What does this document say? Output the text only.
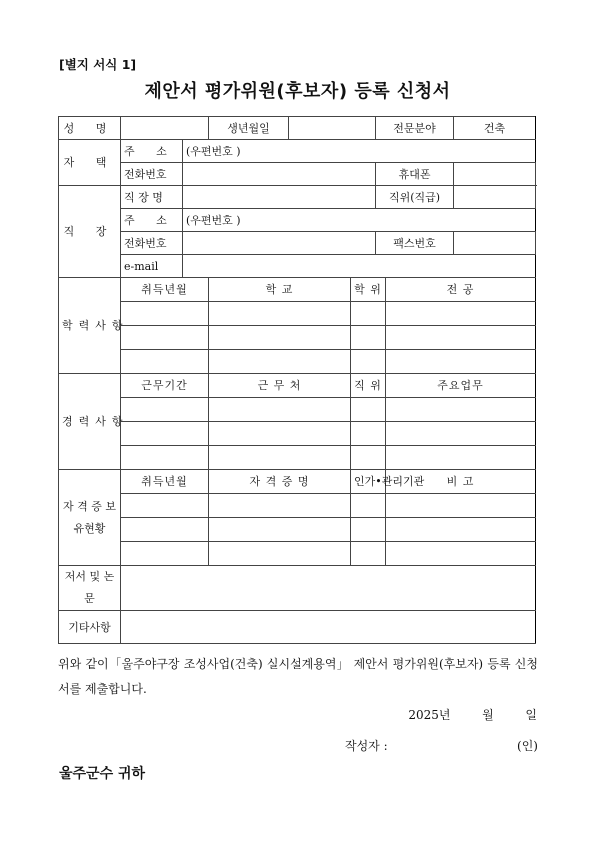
[별지 서식 1]
제안서 평가위원(후보자) 등록 신청서
성 명			생년월일			전문분야		건축
자 택	주 소	(우편번호 )						
	전화번호					휴대폰		
직 장	직 장 명					직위(직급)		
	주 소	(우편번호 )						
	전화번호					팩스번호		
	e-mail							
학력사항	취득년월		학 교		학 위		전 공	

경력사항	근무기간		근 무 처		직 위		주요업무	

자 격 증 보유현황	취득년월		자 격 증 명		인가•관리기관		비 고	

저서 및 논문								
기타사항								
위와 같이「울주야구장 조성사업(건축) 실시설계용역」 제안서 평가위원(후보자) 등록 신청서를 제출합니다.
2025년	월	일
작성자 :	(인)
울주군수 귀하
